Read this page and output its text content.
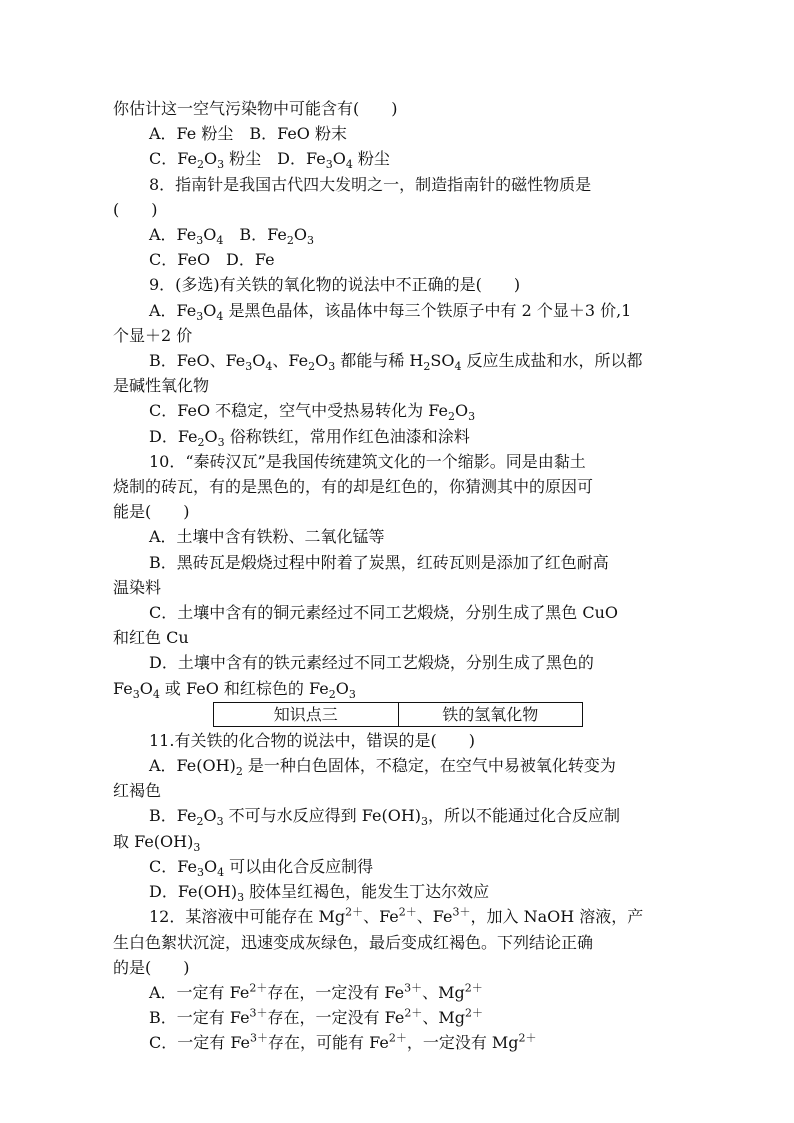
你估计这一空气污染物中可能含有(　　)
A．Fe 粉尘　B．FeO 粉末
C．$Fe_2O_3$ 粉尘　D．$Fe_3O_4$ 粉尘
8．指南针是我国古代四大发明之一，制造指南针的磁性物质是
(　　)
A．$Fe_3O_4$　B．$Fe_2O_3$
C．FeO　D．Fe
9．(多选)有关铁的氧化物的说法中不正确的是(　　)
A．$Fe_3O_4$ 是黑色晶体，该晶体中每三个铁原子中有 2 个显＋3 价,1
个显＋2 价
B．FeO、$Fe_3O_4$、$Fe_2O_3$ 都能与稀 $H_2SO_4$ 反应生成盐和水，所以都
是碱性氧化物
C．FeO 不稳定，空气中受热易转化为 $Fe_2O_3$
D．$Fe_2O_3$ 俗称铁红，常用作红色油漆和涂料
10．“秦砖汉瓦”是我国传统建筑文化的一个缩影。同是由黏土
烧制的砖瓦，有的是黑色的，有的却是红色的，你猜测其中的原因可
能是(　　)
A．土壤中含有铁粉、二氧化锰等
B．黑砖瓦是煅烧过程中附着了炭黑，红砖瓦则是添加了红色耐高
温染料
C．土壤中含有的铜元素经过不同工艺煅烧，分别生成了黑色 CuO
和红色 Cu
D．土壤中含有的铁元素经过不同工艺煅烧，分别生成了黑色的
$Fe_3O_4$ 或 FeO 和红棕色的 $Fe_2O_3$
知识点三	铁的氢氧化物
11.有关铁的化合物的说法中，错误的是(　　)
A．$Fe(OH)_2$ 是一种白色固体，不稳定，在空气中易被氧化转变为
红褐色
B．$Fe_2O_3$ 不可与水反应得到 $Fe(OH)_3$，所以不能通过化合反应制
取 $Fe(OH)_3$
C．$Fe_3O_4$ 可以由化合反应制得
D．$Fe(OH)_3$ 胶体呈红褐色，能发生丁达尔效应
12．某溶液中可能存在 $Mg^{2+}$、$Fe^{2+}$、$Fe^{3+}$，加入 NaOH 溶液，产
生白色絮状沉淀，迅速变成灰绿色，最后变成红褐色。下列结论正确
的是(　　)
A．一定有 $Fe^{2+}$存在，一定没有 $Fe^{3+}$、$Mg^{2+}$
B．一定有 $Fe^{3+}$存在，一定没有 $Fe^{2+}$、$Mg^{2+}$
C．一定有 $Fe^{3+}$存在，可能有 $Fe^{2+}$，一定没有 $Mg^{2+}$
